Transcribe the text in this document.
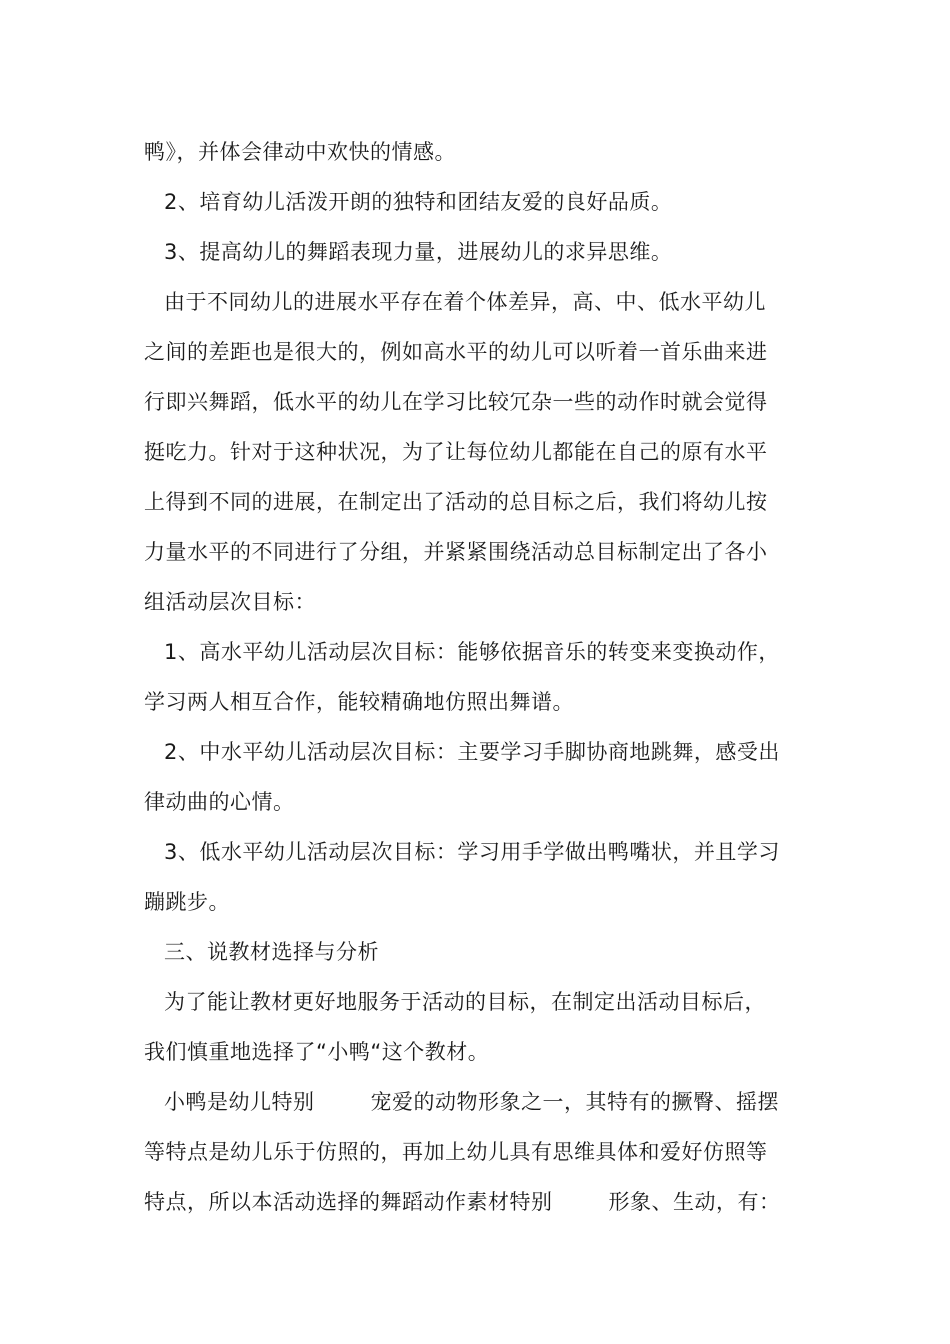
鸭》，并体会律动中欢快的情感。
2、培育幼儿活泼开朗的独特和团结友爱的良好品质。
3、提高幼儿的舞蹈表现力量，进展幼儿的求异思维。
由于不同幼儿的进展水平存在着个体差异，高、中、低水平幼儿
之间的差距也是很大的，例如高水平的幼儿可以听着一首乐曲来进
行即兴舞蹈，低水平的幼儿在学习比较冗杂一些的动作时就会觉得
挺吃力。针对于这种状况，为了让每位幼儿都能在自己的原有水平
上得到不同的进展，在制定出了活动的总目标之后，我们将幼儿按
力量水平的不同进行了分组，并紧紧围绕活动总目标制定出了各小
组活动层次目标：
1、高水平幼儿活动层次目标：能够依据音乐的转变来变换动作，
学习两人相互合作，能较精确地仿照出舞谱。
2、中水平幼儿活动层次目标：主要学习手脚协商地跳舞，感受出
律动曲的心情。
3、低水平幼儿活动层次目标：学习用手学做出鸭嘴状，并且学习
蹦跳步。
三、说教材选择与分析
为了能让教材更好地服务于活动的目标，在制定出活动目标后，
我们慎重地选择了“小鸭“这个教材。
小鸭是幼儿特别	宠爱的动物形象之一，其特有的撅臀、摇摆
等特点是幼儿乐于仿照的，再加上幼儿具有思维具体和爱好仿照等
特点，所以本活动选择的舞蹈动作素材特别	形象、生动，有：
